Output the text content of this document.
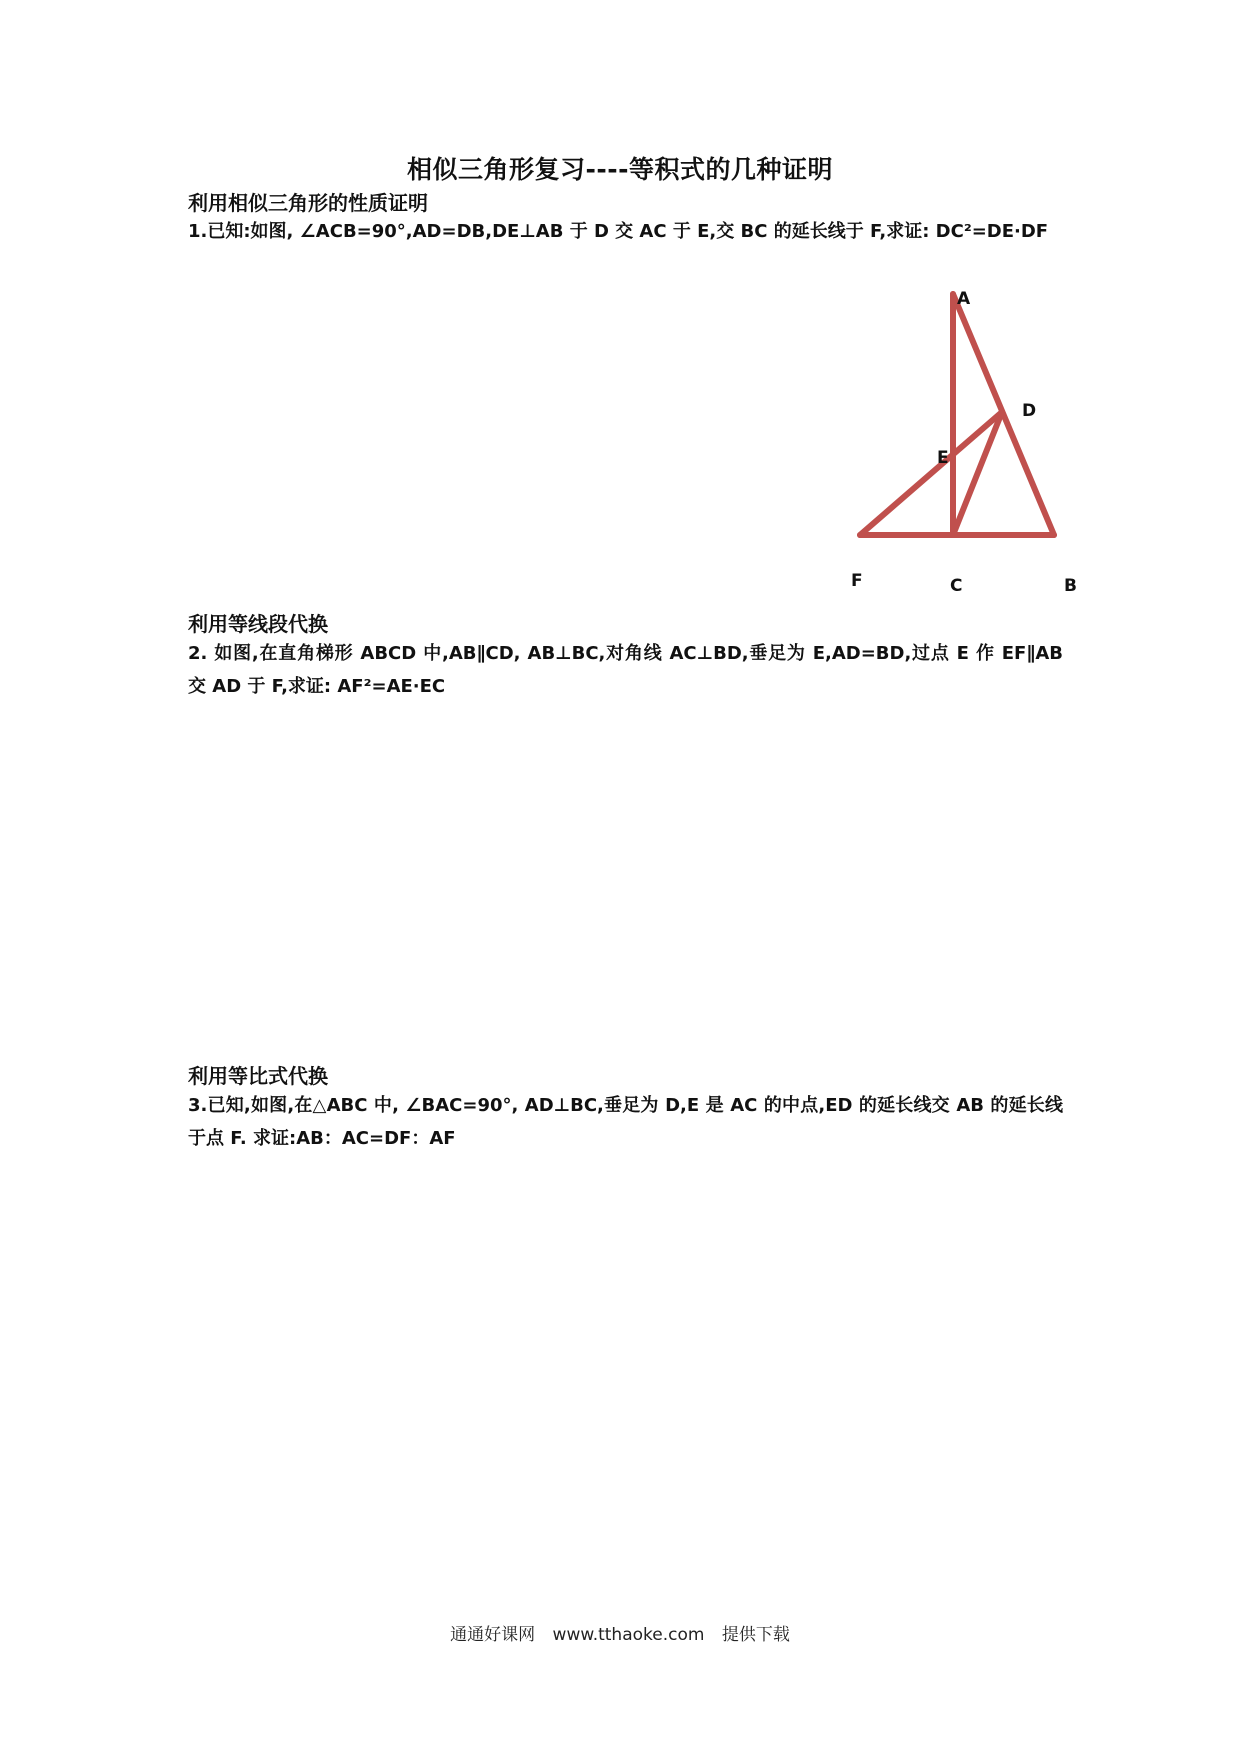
相似三角形复习----等积式的几种证明
利用相似三角形的性质证明

1.已知:如图, ∠ACB=90°,AD=DB,DE⊥AB 于 D 交 AC 于 E,交 BC 的延长线于 F,求证: DC²=DE·DF

A
D
E
F	C	B
利用等线段代换

2. 如图,在直角梯形 ABCD 中,AB∥CD, AB⊥BC,对角线 AC⊥BD,垂足为 E,AD=BD,过点 E 作 EF∥AB 交 AD 于 F,求证: AF²=AE·EC

利用等比式代换

3.已知,如图,在△ABC 中, ∠BAC=90°, AD⊥BC,垂足为 D,E 是 AC 的中点,ED 的延长线交 AB 的延长线于点 F. 求证:AB：AC=DF：AF

通通好课网 www.tthaoke.com 提供下载
